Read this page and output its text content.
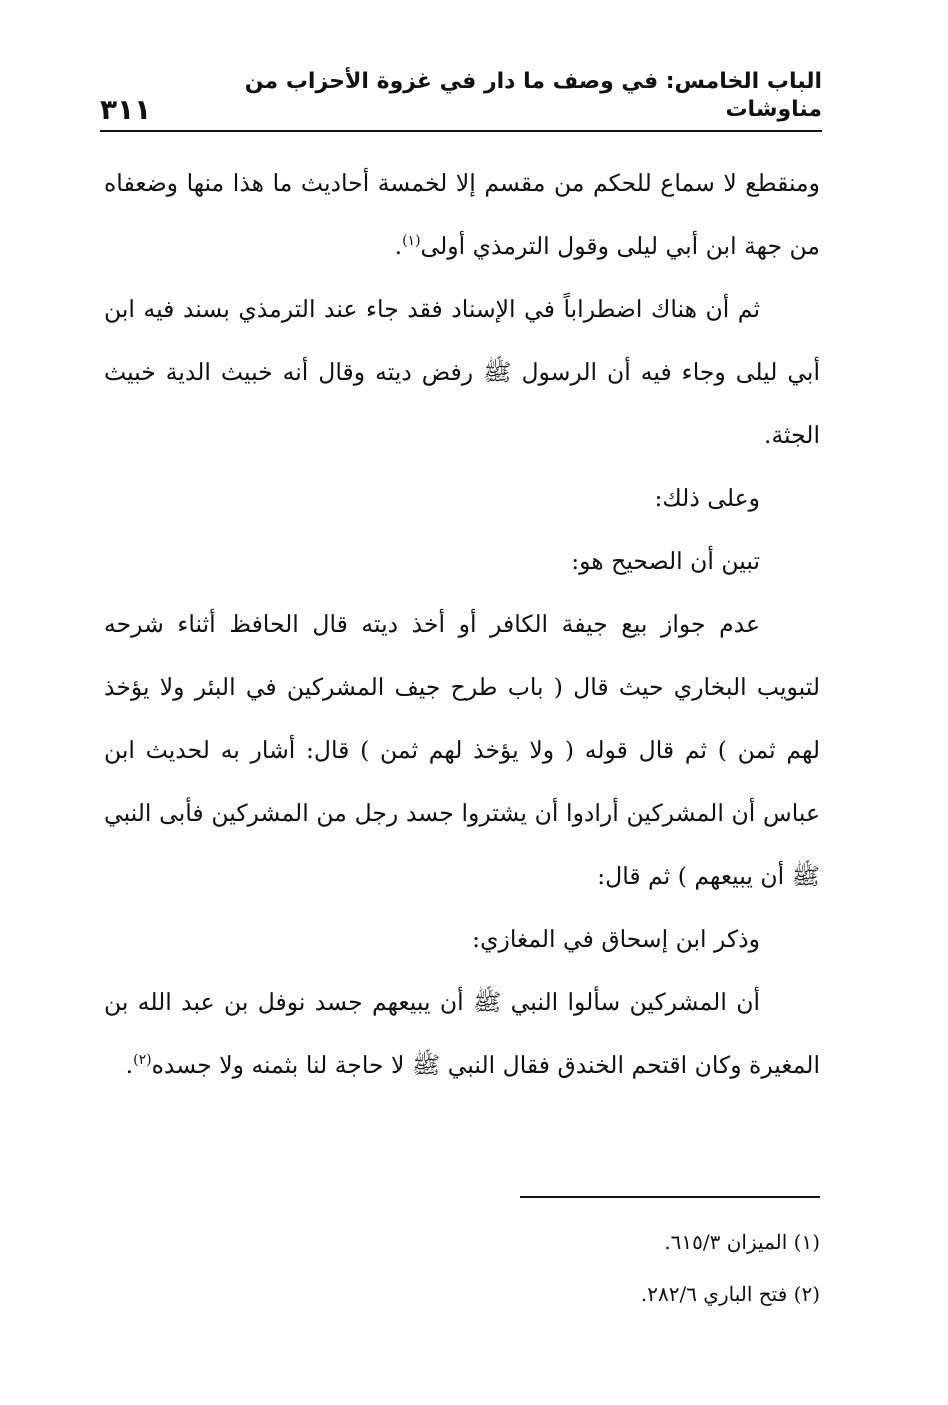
الباب الخامس: في وصف ما دار في غزوة الأحزاب من مناوشات
٣١١

ومنقطع لا سماع للحكم من مقسم إلا لخمسة أحاديث ما هذا منها وضعفاه من جهة ابن أبي ليلى وقول الترمذي أولى$^{(١)}$.

ثم أن هناك اضطراباً في الإسناد فقد جاء عند الترمذي بسند فيه ابن أبي ليلى وجاء فيه أن الرسول ﷺ رفض ديته وقال أنه خبيث الدية خبيث الجثة.

وعلى ذلك:

تبين أن الصحيح هو:

عدم جواز بيع جيفة الكافر أو أخذ ديته قال الحافظ أثناء شرحه لتبويب البخاري حيث قال ( باب طرح جيف المشركين في البئر ولا يؤخذ لهم ثمن ) ثم قال قوله ( ولا يؤخذ لهم ثمن ) قال: أشار به لحديث ابن عباس أن المشركين أرادوا أن يشتروا جسد رجل من المشركين فأبى النبي ﷺ أن يبيعهم ) ثم قال:

وذكر ابن إسحاق في المغازي:

أن المشركين سألوا النبي ﷺ أن يبيعهم جسد نوفل بن عبد الله بن المغيرة وكان اقتحم الخندق فقال النبي ﷺ لا حاجة لنا بثمنه ولا جسده$^{(٢)}$.

(١) الميزان ٦١٥/٣.

(٢) فتح الباري ٢٨٢/٦.
